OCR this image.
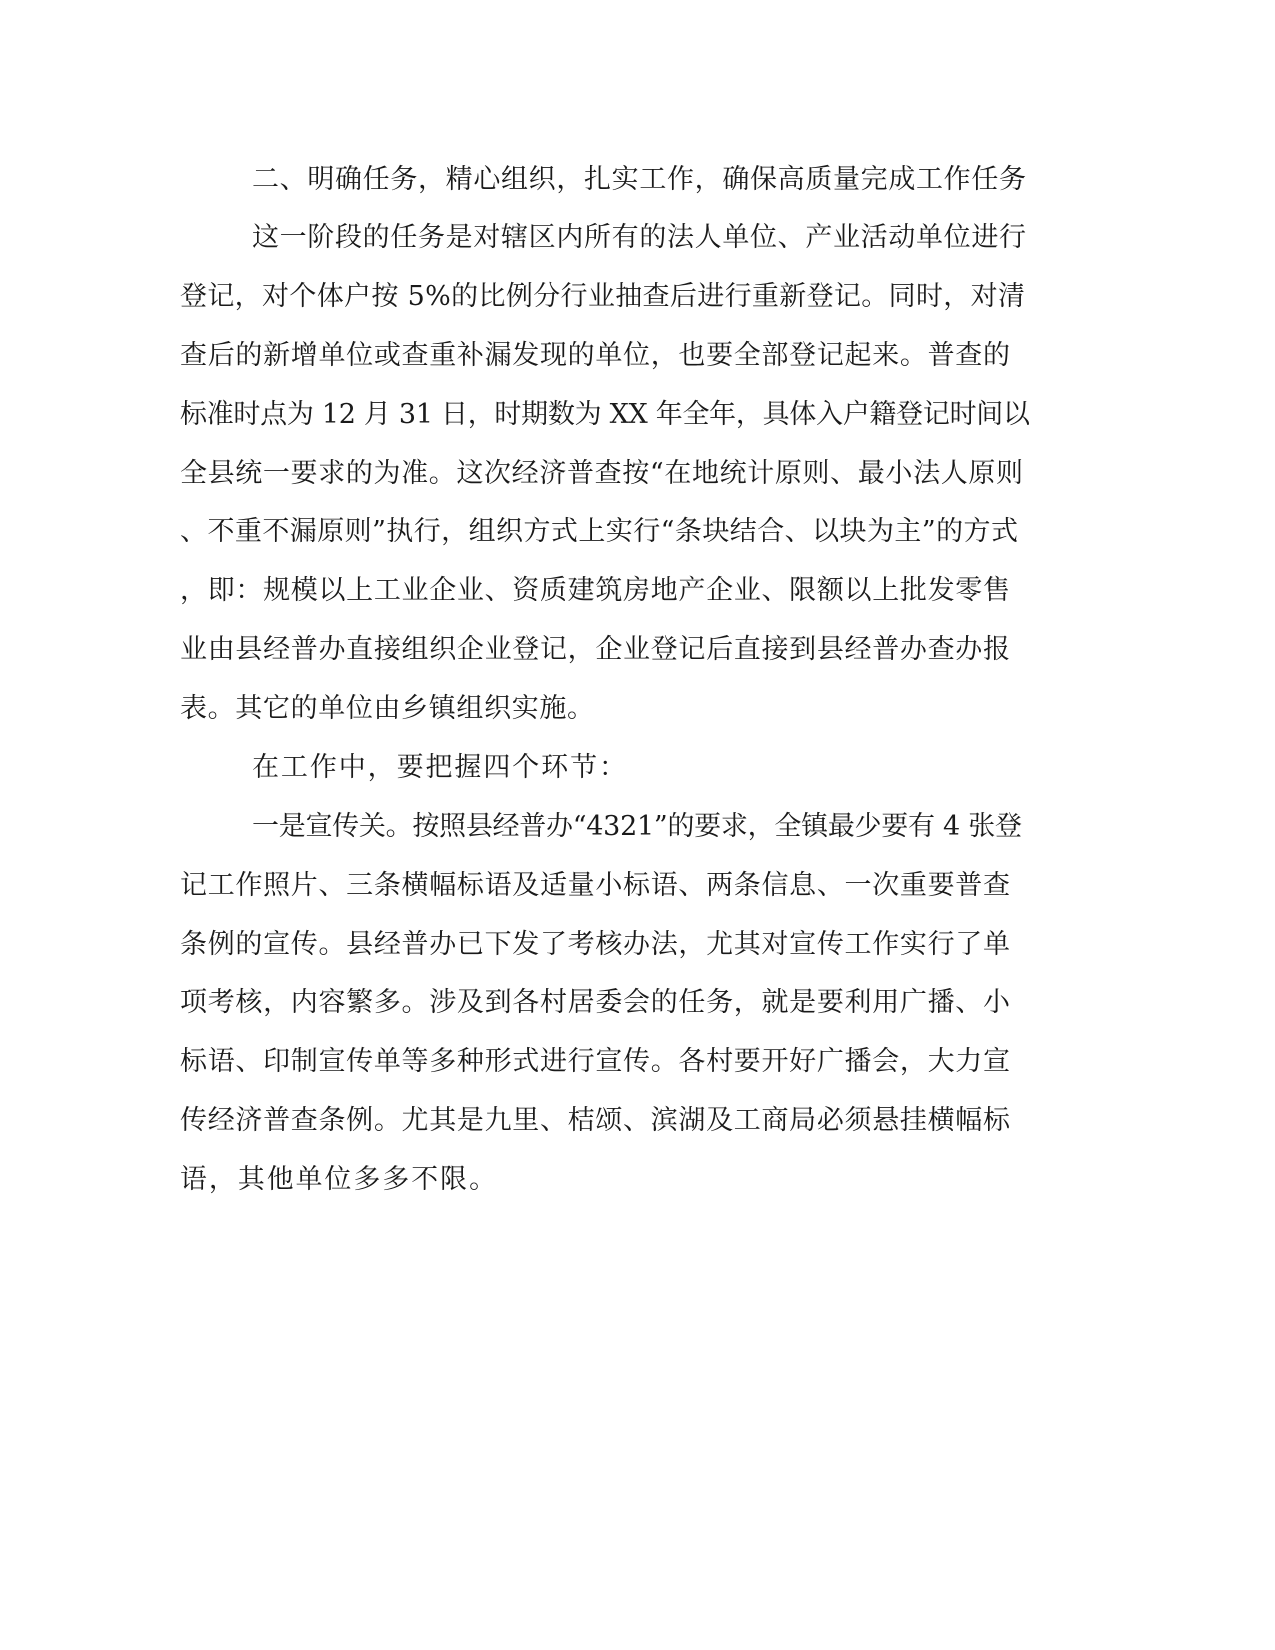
二、明确任务，精心组织，扎实工作，确保高质量完成工作任务
这一阶段的任务是对辖区内所有的法人单位、产业活动单位进行
登记，对个体户按 5%的比例分行业抽查后进行重新登记。同时，对清
查后的新增单位或查重补漏发现的单位，也要全部登记起来。普查的
标准时点为 12 月 31 日，时期数为 XX 年全年，具体入户籍登记时间以
全县统一要求的为准。这次经济普查按“在地统计原则、最小法人原则
、不重不漏原则”执行，组织方式上实行“条块结合、以块为主”的方式
，即：规模以上工业企业、资质建筑房地产企业、限额以上批发零售
业由县经普办直接组织企业登记，企业登记后直接到县经普办查办报
表。其它的单位由乡镇组织实施。
在工作中，要把握四个环节：
一是宣传关。按照县经普办“4321”的要求，全镇最少要有 4 张登
记工作照片、三条横幅标语及适量小标语、两条信息、一次重要普查
条例的宣传。县经普办已下发了考核办法，尤其对宣传工作实行了单
项考核，内容繁多。涉及到各村居委会的任务，就是要利用广播、小
标语、印制宣传单等多种形式进行宣传。各村要开好广播会，大力宣
传经济普查条例。尤其是九里、桔颂、滨湖及工商局必须悬挂横幅标
语，其他单位多多不限。
